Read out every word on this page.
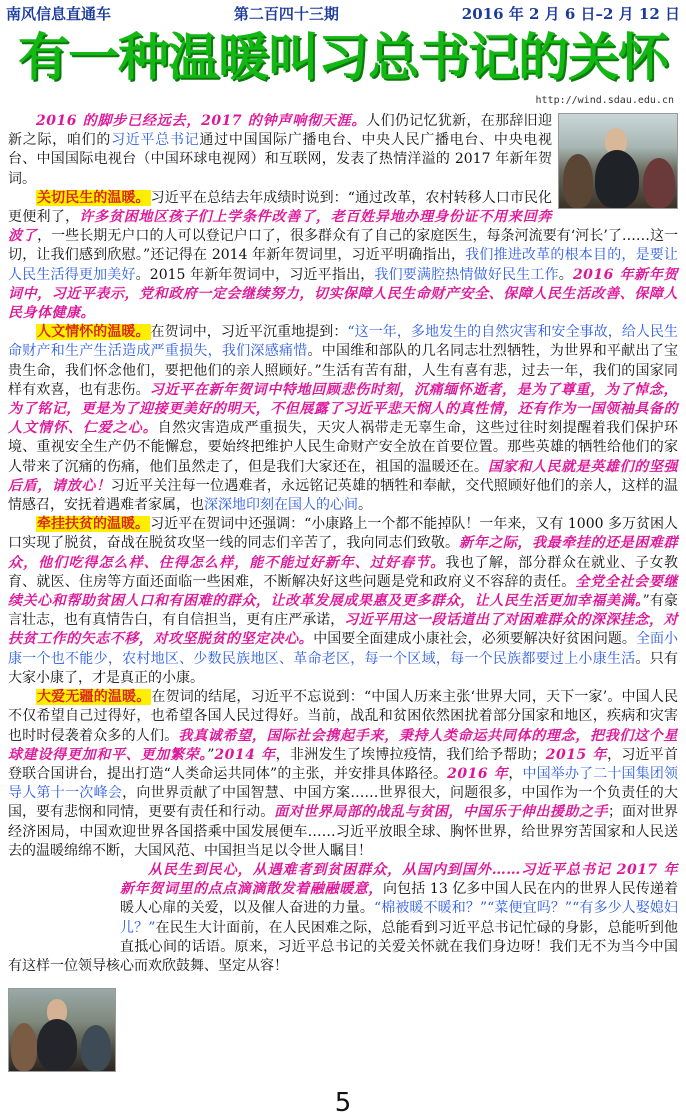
南风信息直通车	第二百四十三期	2016 年 2 月 6 日–2 月 12 日
有一种温暖叫习总书记的关怀
http://wind.sdau.edu.cn

2016 的脚步已经远去，2017 的钟声响彻天涯。人们仍记忆犹新，在那辞旧迎新之际，咱们的习近平总书记通过中国国际广播电台、中央人民广播电台、中央电视台、中国国际电视台（中国环球电视网）和互联网，发表了热情洋溢的 2017 年新年贺词。

关切民生的温暖。习近平在总结去年成绩时说到：“通过改革，农村转移人口市民化更便利了，许多贫困地区孩子们上学条件改善了，老百姓异地办理身份证不用来回奔波了，一些长期无户口的人可以登记户口了，很多群众有了自己的家庭医生，每条河流要有‘河长’了……这一切，让我们感到欣慰。”还记得在 2014 年新年贺词里，习近平明确指出，我们推进改革的根本目的，是要让人民生活得更加美好。2015 年新年贺词中，习近平指出，我们要满腔热情做好民生工作。2016 年新年贺词中，习近平表示，党和政府一定会继续努力，切实保障人民生命财产安全、保障人民生活改善、保障人民身体健康。

人文情怀的温暖。在贺词中，习近平沉重地提到：“这一年，多地发生的自然灾害和安全事故，给人民生命财产和生产生活造成严重损失，我们深感痛惜。中国维和部队的几名同志壮烈牺牲，为世界和平献出了宝贵生命，我们怀念他们，要把他们的亲人照顾好。”生活有苦有甜，人生有喜有悲，过去一年，我们的国家同样有欢喜，也有悲伤。习近平在新年贺词中特地回顾悲伤时刻，沉痛缅怀逝者，是为了尊重，为了悼念，为了铭记，更是为了迎接更美好的明天，不但展露了习近平悲天悯人的真性情，还有作为一国领袖具备的人文情怀、仁爱之心。自然灾害造成严重损失，天灾人祸带走无辜生命，这些过往时刻提醒着我们保护环境、重视安全生产仍不能懈怠，要始终把维护人民生命财产安全放在首要位置。那些英雄的牺牲给他们的家人带来了沉痛的伤痛，他们虽然走了，但是我们大家还在，祖国的温暖还在。国家和人民就是英雄们的坚强后盾，请放心！习近平关注每一位遇难者，永远铭记英雄的牺牲和奉献，交代照顾好他们的亲人，这样的温情感召，安抚着遇难者家属，也深深地印刻在国人的心间。

牵挂扶贫的温暖。习近平在贺词中还强调：“小康路上一个都不能掉队！一年来，又有 1000 多万贫困人口实现了脱贫，奋战在脱贫攻坚一线的同志们辛苦了，我向同志们致敬。新年之际，我最牵挂的还是困难群众，他们吃得怎么样、住得怎么样，能不能过好新年、过好春节。我也了解，部分群众在就业、子女教育、就医、住房等方面还面临一些困难，不断解决好这些问题是党和政府义不容辞的责任。全党全社会要继续关心和帮助贫困人口和有困难的群众，让改革发展成果惠及更多群众，让人民生活更加幸福美满。”有豪言壮志，也有真情告白，有自信担当，更有庄严承诺，习近平用这一段话道出了对困难群众的深深挂念，对扶贫工作的矢志不移，对攻坚脱贫的坚定决心。中国要全面建成小康社会，必须要解决好贫困问题。全面小康一个也不能少，农村地区、少数民族地区、革命老区，每一个区域，每一个民族都要过上小康生活。只有大家小康了，才是真正的小康。

大爱无疆的温暖。在贺词的结尾，习近平不忘说到：“中国人历来主张‘世界大同，天下一家’。中国人民不仅希望自己过得好，也希望各国人民过得好。当前，战乱和贫困依然困扰着部分国家和地区，疾病和灾害也时时侵袭着众多的人们。我真诚希望，国际社会携起手来，秉持人类命运共同体的理念，把我们这个星球建设得更加和平、更加繁荣。”2014 年，非洲发生了埃博拉疫情，我们给予帮助；2015 年，习近平首登联合国讲台，提出打造“人类命运共同体”的主张，并安排具体路径。2016 年，中国举办了二十国集团领导人第十一次峰会，向世界贡献了中国智慧、中国方案……世界很大，问题很多，中国作为一个负责任的大国，要有悲悯和同情，更要有责任和行动。面对世界局部的战乱与贫困，中国乐于伸出援助之手；面对世界经济困局，中国欢迎世界各国搭乘中国发展便车……习近平放眼全球、胸怀世界，给世界穷苦国家和人民送去的温暖绵绵不断，大国风范、中国担当足以令世人瞩目！

从民生到民心，从遇难者到贫困群众，从国内到国外……习近平总书记 2017 年新年贺词里的点点滴滴散发着融融暖意，向包括 13 亿多中国人民在内的世界人民传递着暖人心扉的关爱，以及催人奋进的力量。“棉被暖不暖和？”“菜便宜吗？”“有多少人娶媳妇儿？”在民生大计面前，在人民困难之际，总能看到习近平总书记忙碌的身影，总能听到他直抵心间的话语。原来，习近平总书记的关爱关怀就在我们身边呀！我们无不为当今中国有这样一位领导核心而欢欣鼓舞、坚定从容！

5
